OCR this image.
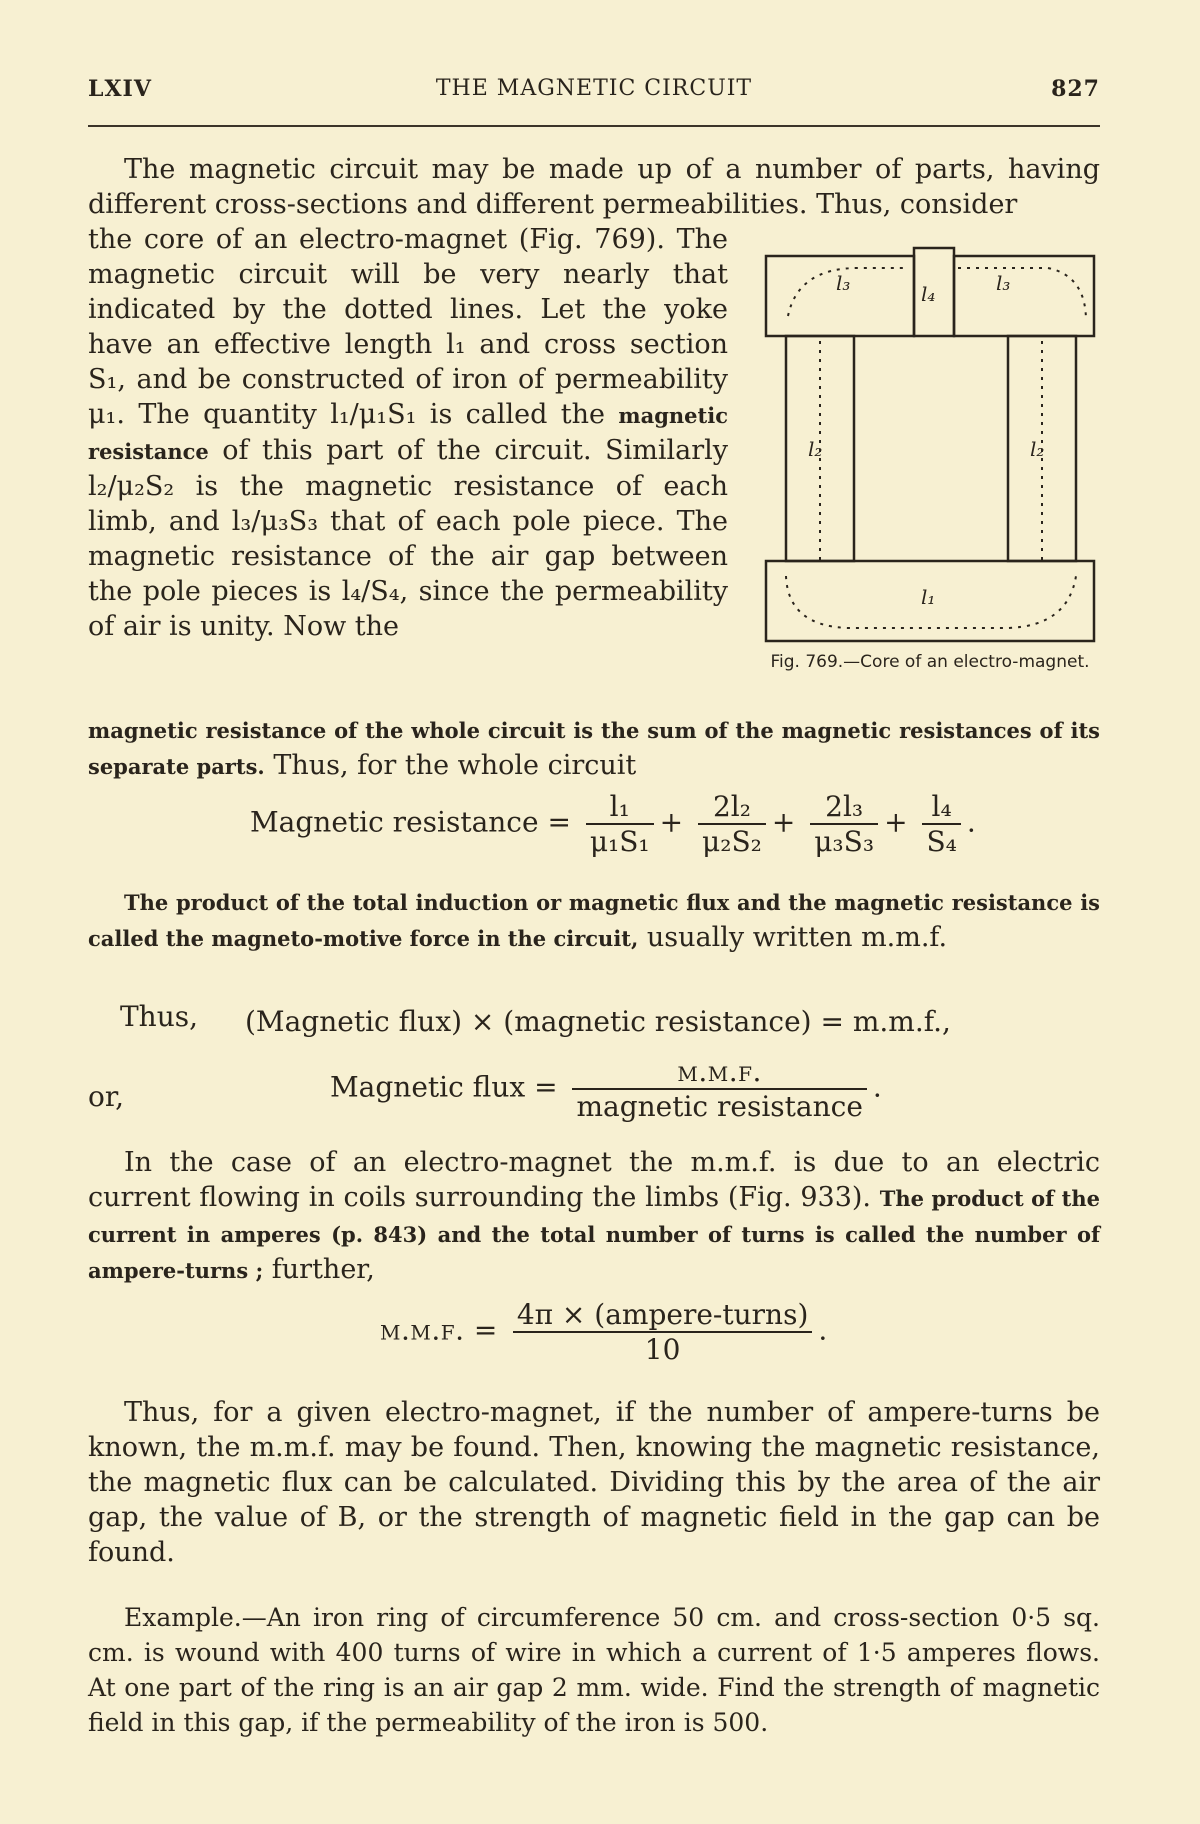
LXIV	THE MAGNETIC CIRCUIT	827
The magnetic circuit may be made up of a number of parts, having different cross-sections and different permeabilities. Thus, consider
the core of an electro-magnet (Fig. 769). The magnetic circuit will be very nearly that indicated by the dotted lines. Let the yoke have an effective length l₁ and cross section S₁, and be constructed of iron of permeability μ₁. The quantity l₁/μ₁S₁ is called the magnetic resistance of this part of the circuit. Similarly l₂/μ₂S₂ is the magnetic resistance of each limb, and l₃/μ₃S₃ that of each pole piece. The magnetic resistance of the air gap between the pole pieces is l₄/S₄, since the permeability of air is unity. Now the
magnetic resistance of the whole circuit is the sum of the magnetic resistances of its separate parts. Thus, for the whole circuit
l₃	l₄	l₃
l₂	l₂
l₁
Fig. 769.—Core of an electro-magnet.
Magnetic resistance = $\frac{\text{l₁}}{\text{μ₁S₁}} + \frac{\text{2l₂}}{\text{μ₂S₂}} + \frac{\text{2l₃}}{\text{μ₃S₃}} + \frac{\text{l₄}}{\text{S₄}}$ .
The product of the total induction or magnetic flux and the magnetic resistance is called the magneto-motive force in the circuit, usually written m.m.f.
Thus, (Magnetic flux) × (magnetic resistance) = m.m.f.,
or,	Magnetic flux = $\frac{m.m.f.}{\text{magnetic resistance}}$ .
In the case of an electro-magnet the m.m.f. is due to an electric current flowing in coils surrounding the limbs (Fig. 933). The product of the current in amperes (p. 843) and the total number of turns is called the number of ampere-turns ; further,
m.m.f. = $\frac{\text{4π × (ampere-turns)}}{10}$ .
Thus, for a given electro-magnet, if the number of ampere-turns be known, the m.m.f. may be found. Then, knowing the magnetic resistance, the magnetic flux can be calculated. Dividing this by the area of the air gap, the value of B, or the strength of magnetic field in the gap can be found.
Example.—An iron ring of circumference 50 cm. and cross-section 0·5 sq. cm. is wound with 400 turns of wire in which a current of 1·5 amperes flows. At one part of the ring is an air gap 2 mm. wide. Find the strength of magnetic field in this gap, if the permeability of the iron is 500.
